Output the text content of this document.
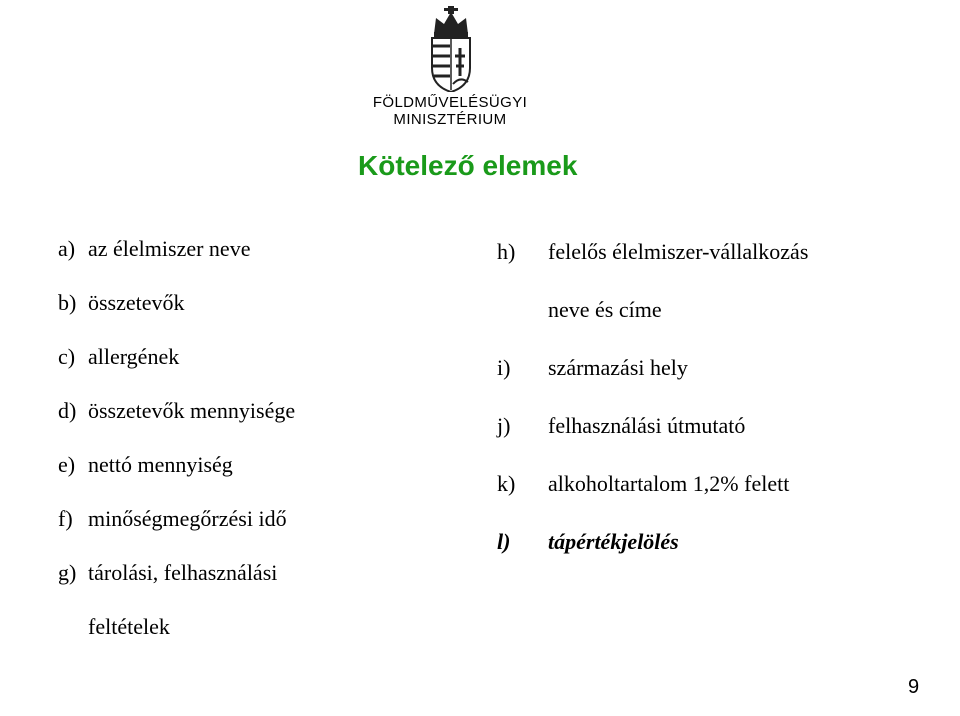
FÖLDMŰVELÉSÜGYI
MINISZTÉRIUM
Kötelező elemek
a) az élelmiszer neve
b) összetevők
c) allergének
d) összetevők mennyisége
e) nettó mennyiség
f) minőségmegőrzési idő
g) tárolási, felhasználási
feltételek
h) felelős élelmiszer-vállalkozás
neve és címe
i) származási hely
j) felhasználási útmutató
k) alkoholtartalom 1,2% felett
l) tápértékjelölés
9
